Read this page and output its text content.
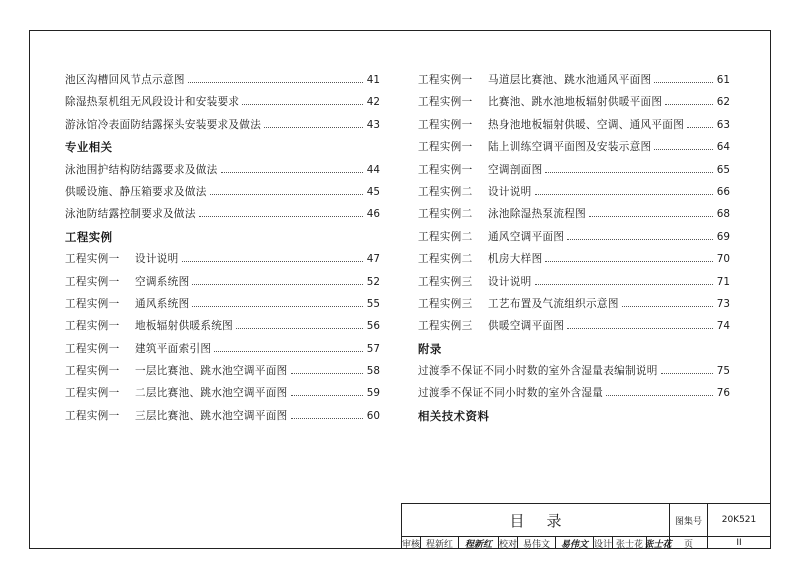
池区沟槽回风节点示意图	41
除湿热泵机组无风段设计和安装要求	42
游泳馆冷表面防结露探头安装要求及做法	43
专业相关
泳池围护结构防结露要求及做法	44
供暖设施、静压箱要求及做法	45
泳池防结露控制要求及做法	46
工程实例
工程实例一	设计说明	47
工程实例一	空调系统图	52
工程实例一	通风系统图	55
工程实例一	地板辐射供暖系统图	56
工程实例一	建筑平面索引图	57
工程实例一	一层比赛池、跳水池空调平面图	58
工程实例一	二层比赛池、跳水池空调平面图	59
工程实例一	三层比赛池、跳水池空调平面图	60
工程实例一	马道层比赛池、跳水池通风平面图	61
工程实例一	比赛池、跳水池地板辐射供暖平面图	62
工程实例一	热身池地板辐射供暖、空调、通风平面图	63
工程实例一	陆上训练空调平面图及安装示意图	64
工程实例一	空调剖面图	65
工程实例二	设计说明	66
工程实例二	泳池除湿热泵流程图	68
工程实例二	通风空调平面图	69
工程实例二	机房大样图	70
工程实例三	设计说明	71
工程实例三	工艺布置及气流组织示意图	73
工程实例三	供暖空调平面图	74
附录
过渡季不保证不同小时数的室外含湿量表编制说明	75
过渡季不保证不同小时数的室外含湿量	76
相关技术资料
目录	图集号	20K521
审核 程新红	程新红 校对 易伟文	易伟文 设计 张士花 张士花	页	II
